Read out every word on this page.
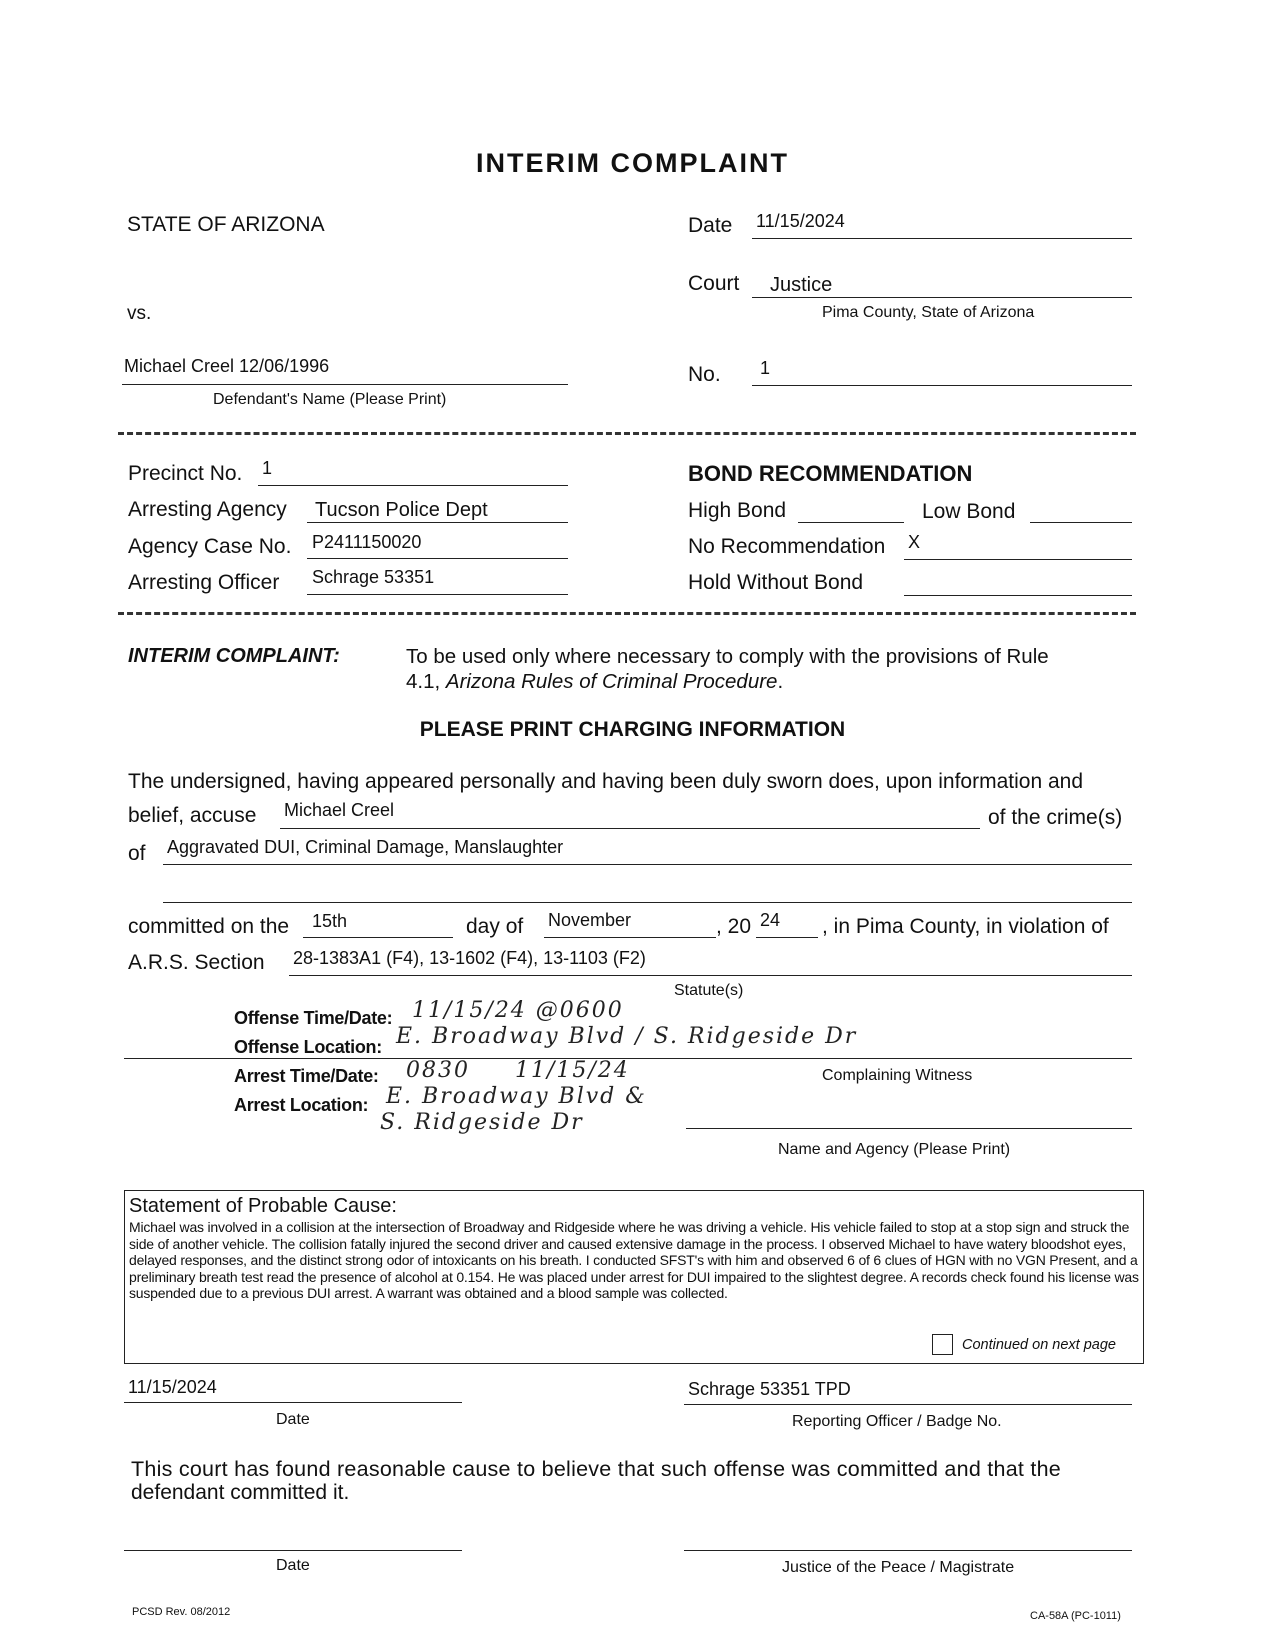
INTERIM COMPLAINT
STATE OF ARIZONA
vs.
Michael Creel 12/06/1996
Defendant's Name (Please Print)
Date 11/15/2024
Court Justice
Pima County, State of Arizona
No. 1
Precinct No. 1
Arresting Agency Tucson Police Dept
Agency Case No. P2411150020
Arresting Officer Schrage 53351
BOND RECOMMENDATION
High Bond	Low Bond
No Recommendation X
Hold Without Bond
INTERIM COMPLAINT:	To be used only where necessary to comply with the provisions of Rule
4.1, Arizona Rules of Criminal Procedure.
PLEASE PRINT CHARGING INFORMATION
The undersigned, having appeared personally and having been duly sworn does, upon information and
belief, accuse Michael Creel	of the crime(s)
of Aggravated DUI, Criminal Damage, Manslaughter
committed on the 15th	day of November	, 20 24 , in Pima County, in violation of
A.R.S. Section 28-1383A1 (F4), 13-1602 (F4), 13-1103 (F2)
Statute(s)
Offense Time/Date: 11/15/24 @0600
Offense Location: E. Broadway Blvd / S. Ridgeside Dr
Arrest Time/Date: 0830     11/15/24	Complaining Witness
Arrest Location: E. Broadway Blvd &
S. Ridgeside Dr
Name and Agency (Please Print)
Statement of Probable Cause:
Michael was involved in a collision at the intersection of Broadway and Ridgeside where he was driving a vehicle. His vehicle failed to stop at a stop sign and struck the side of another vehicle. The collision fatally injured the second driver and caused extensive damage in the process. I observed Michael to have watery bloodshot eyes, delayed responses, and the distinct strong odor of intoxicants on his breath. I conducted SFST's with him and observed 6 of 6 clues of HGN with no VGN Present, and a preliminary breath test read the presence of alcohol at 0.154. He was placed under arrest for DUI impaired to the slightest degree. A records check found his license was suspended due to a previous DUI arrest. A warrant was obtained and a blood sample was collected.
Continued on next page
11/15/2024
Date
Schrage 53351 TPD
Reporting Officer / Badge No.
This court has found reasonable cause to believe that such offense was committed and that the
defendant committed it.
Date	Justice of the Peace / Magistrate
PCSD Rev. 08/2012	CA-58A (PC-1011)
